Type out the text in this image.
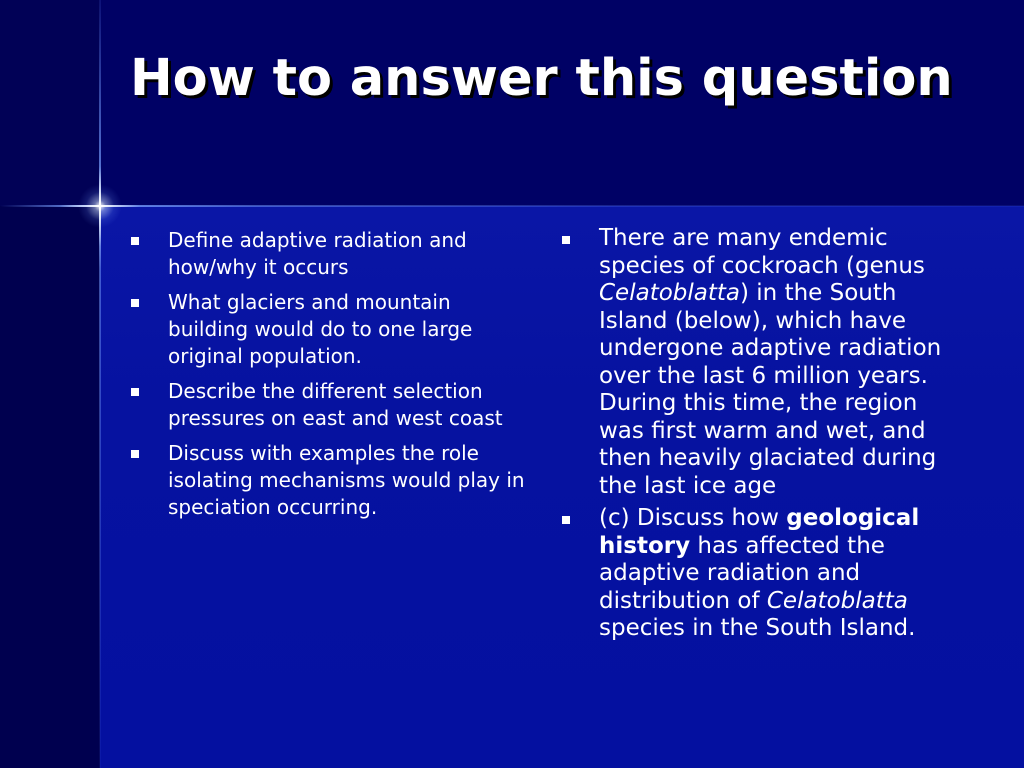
How to answer this question
Define adaptive radiation and how/why it occurs
What glaciers and mountain building would do to one large original population.
Describe the different selection pressures on east and west coast
Discuss with examples the role isolating mechanisms would play in speciation occurring.
There are many endemic species of cockroach (genus Celatoblatta) in the South Island (below), which have undergone adaptive radiation over the last 6 million years. During this time, the region was first warm and wet, and then heavily glaciated during the last ice age
(c) Discuss how geological history has affected the adaptive radiation and distribution of Celatoblatta species in the South Island.
